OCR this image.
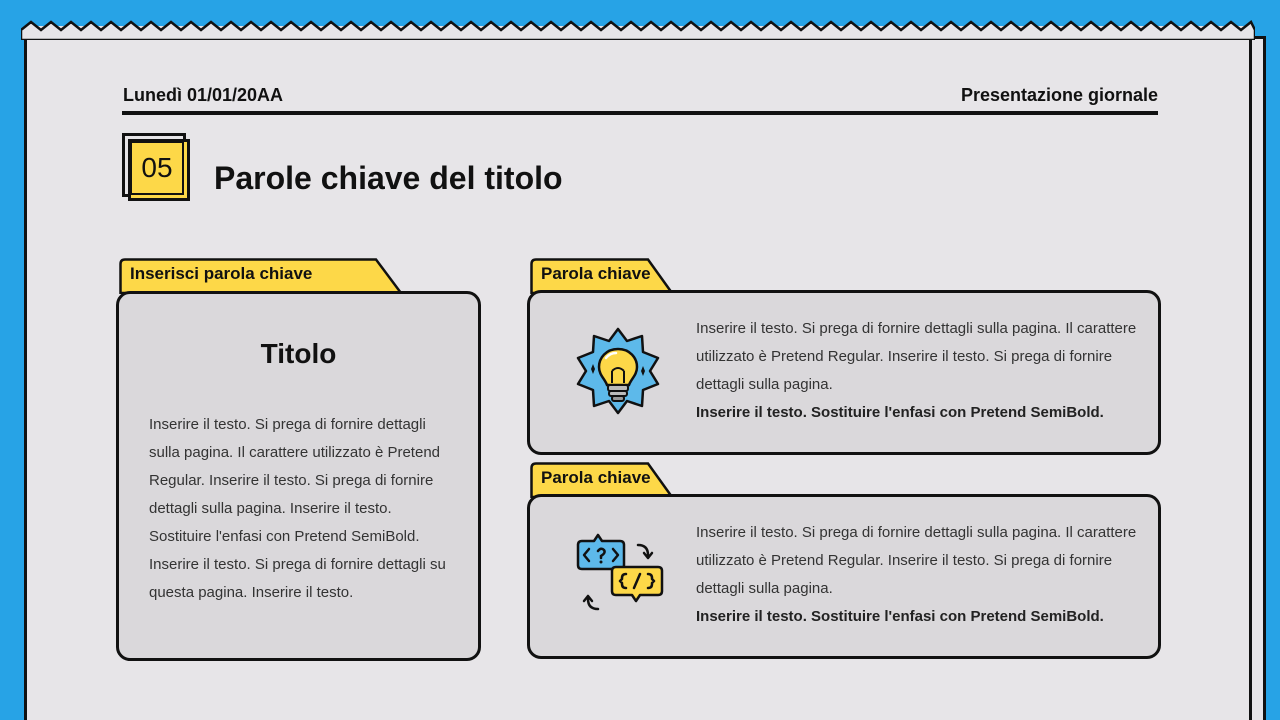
Lunedì 01/01/20AA	Presentazione giornale
05	Parole chiave del titolo
Inserisci parola chiave
Titolo
Inserire il testo. Si prega di fornire dettagli sulla pagina. Il carattere utilizzato è Pretend Regular. Inserire il testo. Si prega di fornire dettagli sulla pagina. Inserire il testo. Sostituire l'enfasi con Pretend SemiBold. Inserire il testo. Si prega di fornire dettagli su questa pagina. Inserire il testo.
Parola chiave
Inserire il testo. Si prega di fornire dettagli sulla pagina. Il carattere utilizzato è Pretend Regular. Inserire il testo. Si prega di fornire dettagli sulla pagina.
Inserire il testo. Sostituire l'enfasi con Pretend SemiBold.
Parola chiave
Inserire il testo. Si prega di fornire dettagli sulla pagina. Il carattere utilizzato è Pretend Regular. Inserire il testo. Si prega di fornire dettagli sulla pagina.
Inserire il testo. Sostituire l'enfasi con Pretend SemiBold.
